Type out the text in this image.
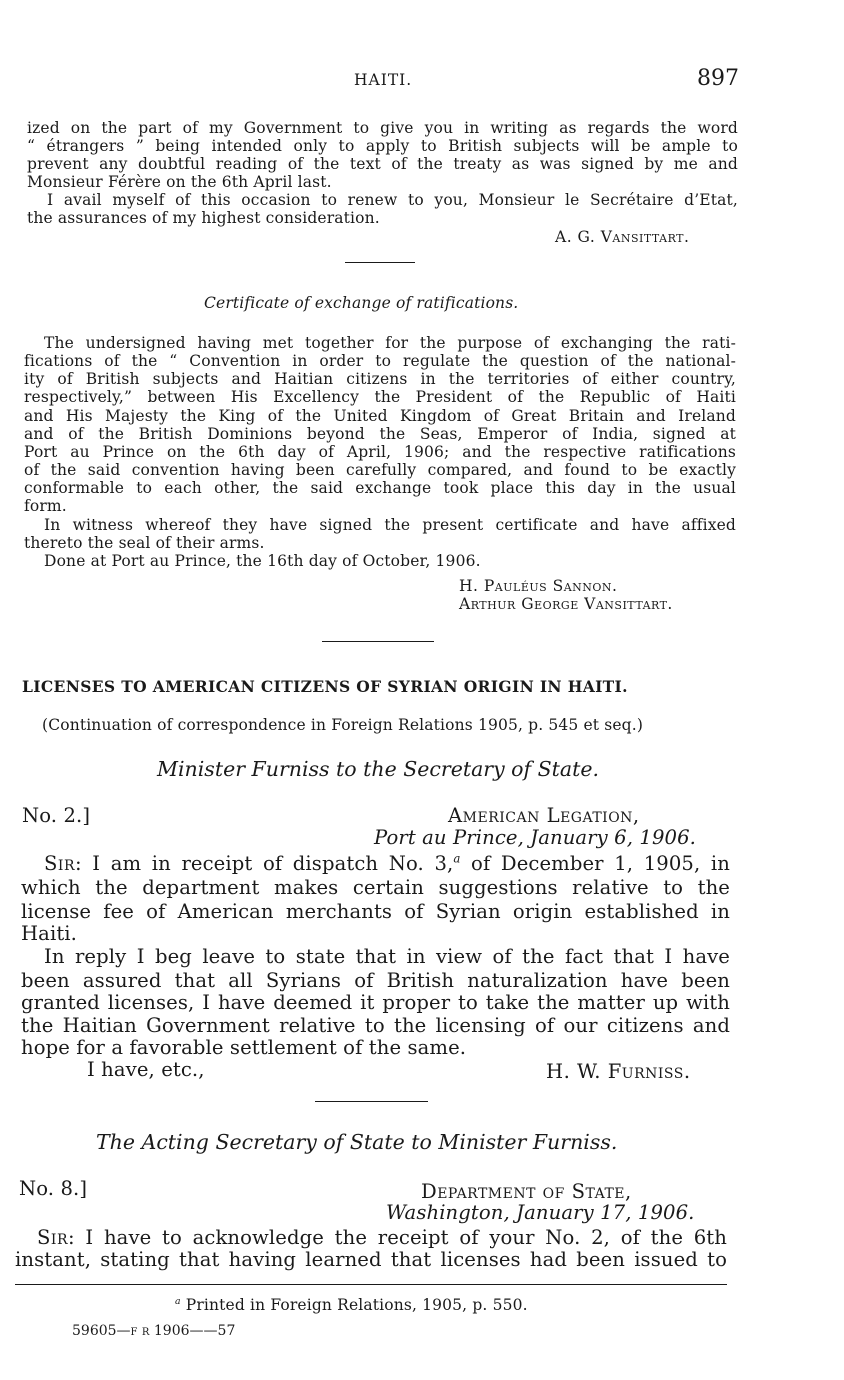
HAITI.	897
ized on the part of my Government to give you in writing as regards the word
“ étrangers ” being intended only to apply to British subjects will be ample to
prevent any doubtful reading of the text of the treaty as was signed by me and
Monsieur Férère on the 6th April last.
I avail myself of this occasion to renew to you, Monsieur le Secrétaire d’Etat,
the assurances of my highest consideration.
A. G. Vansittart.
Certificate of exchange of ratifications.
The undersigned having met together for the purpose of exchanging the rati-
fications of the “ Convention in order to regulate the question of the national-
ity of British subjects and Haitian citizens in the territories of either country,
respectively,” between His Excellency the President of the Republic of Haiti
and His Majesty the King of the United Kingdom of Great Britain and Ireland
and of the British Dominions beyond the Seas, Emperor of India, signed at
Port au Prince on the 6th day of April, 1906; and the respective ratifications
of the said convention having been carefully compared, and found to be exactly
conformable to each other, the said exchange took place this day in the usual
form.
In witness whereof they have signed the present certificate and have affixed
thereto the seal of their arms.
Done at Port au Prince, the 16th day of October, 1906.
H. Pauléus Sannon.
Arthur George Vansittart.
LICENSES TO AMERICAN CITIZENS OF SYRIAN ORIGIN IN HAITI.
(Continuation of correspondence in Foreign Relations 1905, p. 545 et seq.)
Minister Furniss to the Secretary of State.
No. 2.]	American Legation,
Port au Prince, January 6, 1906.
Sir: I am in receipt of dispatch No. 3,$^a$ of December 1, 1905, in
which the department makes certain suggestions relative to the
license fee of American merchants of Syrian origin established in
Haiti.
In reply I beg leave to state that in view of the fact that I have
been assured that all Syrians of British naturalization have been
granted licenses, I have deemed it proper to take the matter up with
the Haitian Government relative to the licensing of our citizens and
hope for a favorable settlement of the same.
I have, etc.,	H. W. Furniss.
The Acting Secretary of State to Minister Furniss.
No. 8.]	Department of State,
Washington, January 17, 1906.
Sir: I have to acknowledge the receipt of your No. 2, of the 6th
instant, stating that having learned that licenses had been issued to
$^a$ Printed in Foreign Relations, 1905, p. 550.
59605—f r 1906——57
